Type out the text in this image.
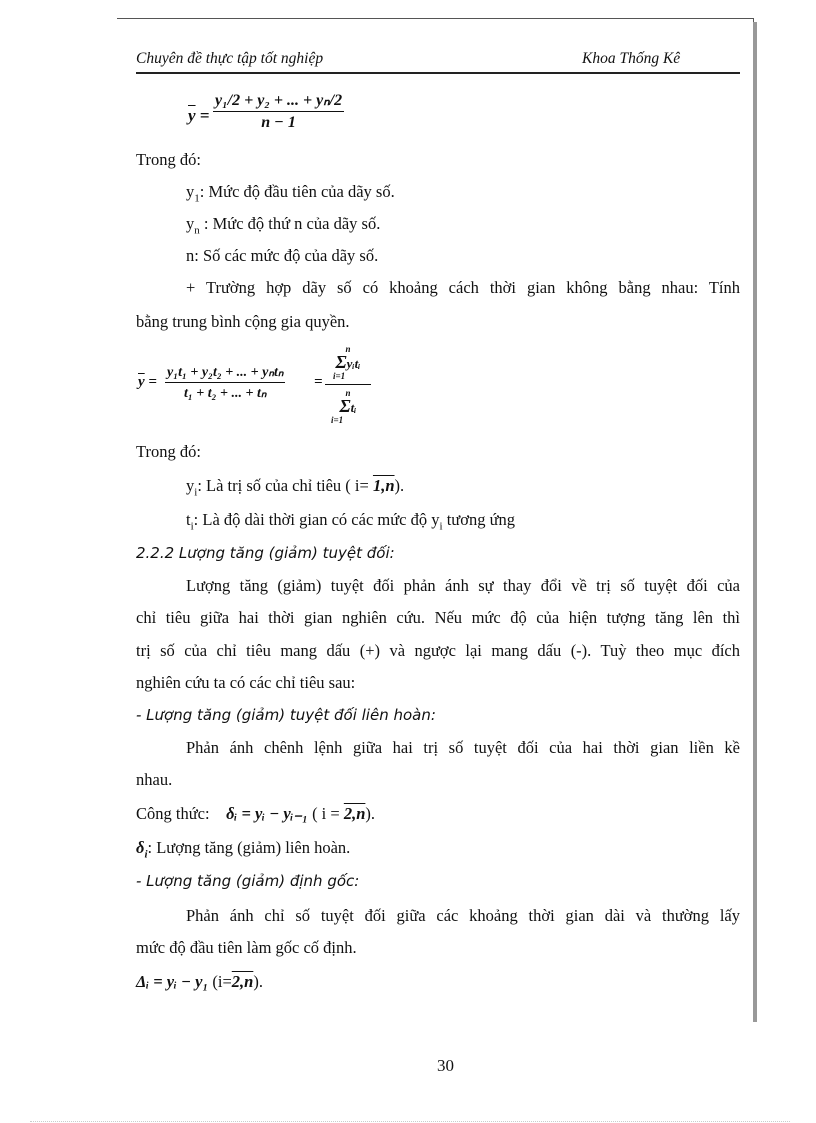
Chuyên đề thực tập tốt nghiệp	Khoa Thống Kê
$\overline{y} = \frac{\text{y₁/2 + y₂ + ... + yₙ/2}}{n - 1}$
Trong đó:
$y_1$: Mức độ đầu tiên của dãy số.
$y_n$ : Mức độ thứ n của dãy số.
n: Số các mức độ của dãy số.
+ Trường hợp dãy số có khoảng cách thời gian không bằng nhau: Tính
bằng trung bình cộng gia quyền.
$\overline{y}$ =
y₁t₁ + y₂t₂ + ... + yₙtₙ
t₁ + t₂ + ... + tₙ
=
n
Σyᵢtᵢ
i=1
n
Σtᵢ
i=1
Trong đó:
$y_i$: Là trị số của chỉ tiêu ( i= 1,n).
$t_i$: Là độ dài thời gian có các mức độ $y_i$ tương ứng
2.2.2 Lượng tăng (giảm) tuyệt đối:
Lượng tăng (giảm) tuyệt đối phản ánh sự thay đổi về trị số tuyệt đối của
chỉ tiêu giữa hai thời gian nghiên cứu. Nếu mức độ của hiện tượng tăng lên thì
trị số của chỉ tiêu mang dấu (+) và ngược lại mang dấu (-). Tuỳ theo mục đích
nghiên cứu ta có các chỉ tiêu sau:
- Lượng tăng (giảm) tuyệt đối liên hoàn:
Phản ánh chênh lệnh giữa hai trị số tuyệt đối của hai thời gian liền kề
nhau.
Công thức: δᵢ = yᵢ − yᵢ₋₁ ( i = 2,n).
$\delta_i$: Lượng tăng (giảm) liên hoàn.
- Lượng tăng (giảm) định gốc:
Phản ánh chỉ số tuyệt đối giữa các khoảng thời gian dài và thường lấy
mức độ đầu tiên làm gốc cố định.
Δᵢ = yᵢ − y₁ (i=2,n).
30
